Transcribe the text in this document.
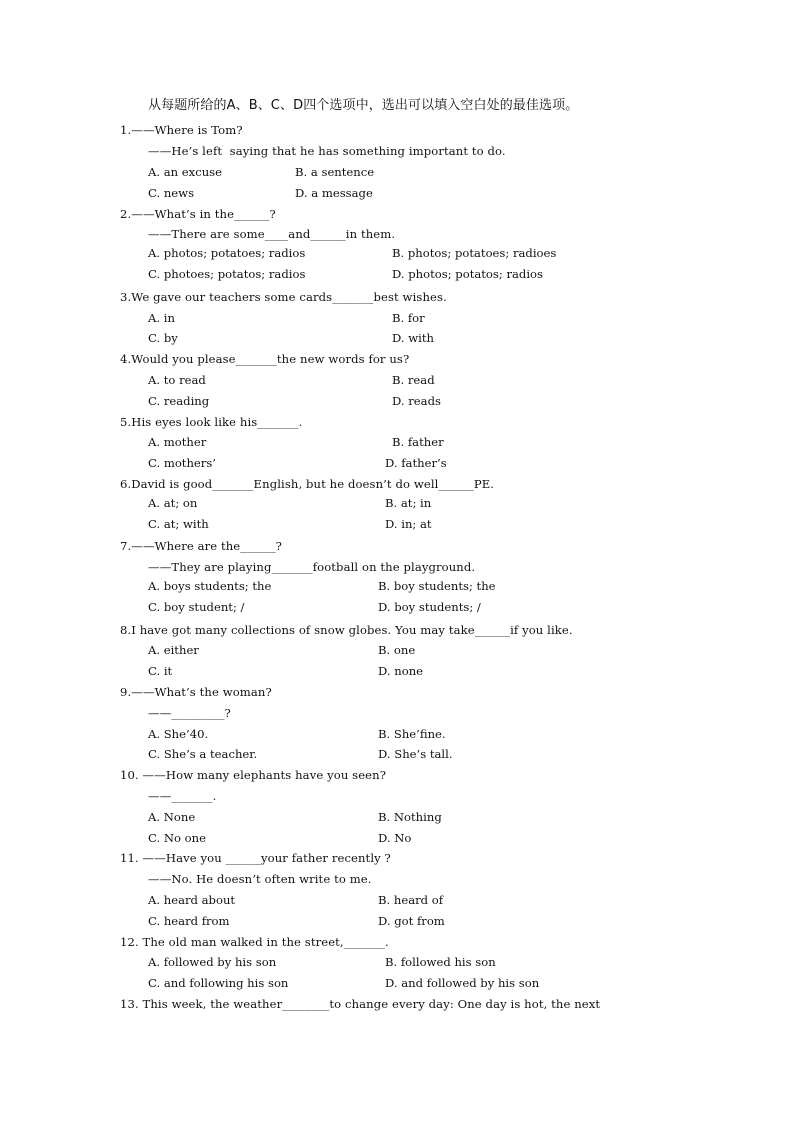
从每题所给的A、B、C、D四个选项中，选出可以填入空白处的最佳选项。
1.——Where is Tom?
——He’s left  saying that he has something important to do.
A. an excuse	B. a sentence
C. news	D. a message
2.——What’s in the______?
——There are some____and______in them.
A. photos; potatoes; radios	B. photos; potatoes; radioes
C. photoes; potatos; radios	D. photos; potatos; radios
3.We gave our teachers some cards_______best wishes.
A. in	B. for
C. by	D. with
4.Would you please_______the new words for us?
A. to read	B. read
C. reading	D. reads
5.His eyes look like his_______.
A. mother	B. father
C. mothers’	D. father’s
6.David is good_______English, but he doesn’t do well______PE.
A. at; on	B. at; in
C. at; with	D. in; at
7.——Where are the______?
——They are playing_______football on the playground.
A. boys students; the	B. boy students; the
C. boy student; /	D. boy students; /
8.I have got many collections of snow globes. You may take______if you like.
A. either	B. one
C. it	D. none
9.——What’s the woman?
——_________?
A. She’40.	B. She’fine.
C. She’s a teacher.	D. She’s tall.
10. ——How many elephants have you seen?
——_______.
A. None	B. Nothing
C. No one	D. No
11. ——Have you ______your father recently ?
——No. He doesn’t often write to me.
A. heard about	B. heard of
C. heard from	D. got from
12. The old man walked in the street,_______.
A. followed by his son	B. followed his son
C. and following his son	D. and followed by his son
13. This week, the weather________to change every day: One day is hot, the next
